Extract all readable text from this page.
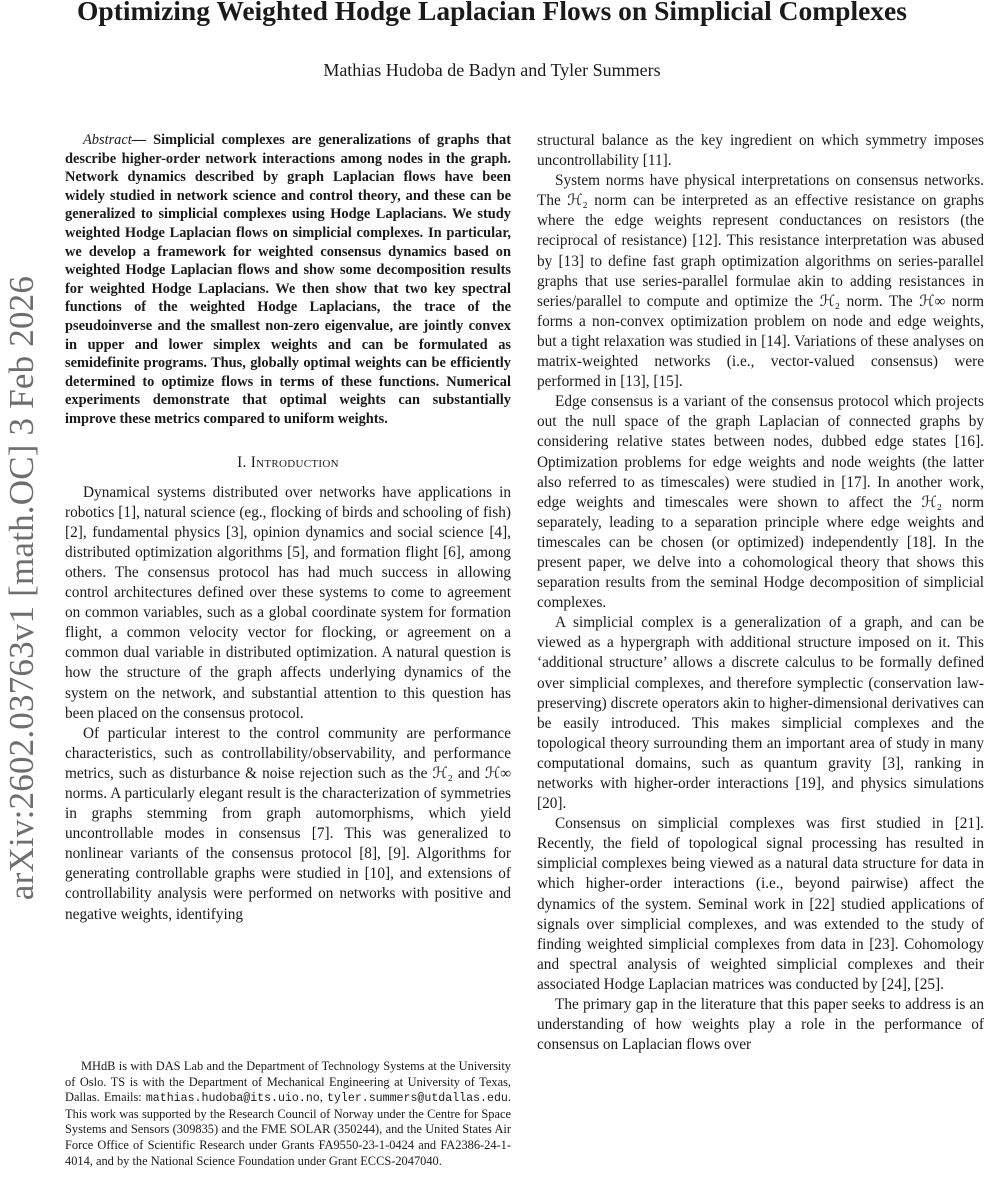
Optimizing Weighted Hodge Laplacian Flows on Simplicial Complexes
Mathias Hudoba de Badyn and Tyler Summers
arXiv:2602.03763v1 [math.OC] 3 Feb 2026

Abstract— Simplicial complexes are generalizations of graphs that describe higher-order network interactions among nodes in the graph. Network dynamics described by graph Laplacian flows have been widely studied in network science and control theory, and these can be generalized to simplicial complexes using Hodge Laplacians. We study weighted Hodge Laplacian flows on simplicial complexes. In particular, we develop a framework for weighted consensus dynamics based on weighted Hodge Laplacian flows and show some decomposition results for weighted Hodge Laplacians. We then show that two key spectral functions of the weighted Hodge Laplacians, the trace of the pseudoinverse and the smallest non-zero eigenvalue, are jointly convex in upper and lower simplex weights and can be formulated as semidefinite programs. Thus, globally optimal weights can be efficiently determined to optimize flows in terms of these functions. Numerical experiments demonstrate that optimal weights can substantially improve these metrics compared to uniform weights.

I. Introduction

Dynamical systems distributed over networks have applications in robotics [1], natural science (eg., flocking of birds and schooling of fish) [2], fundamental physics [3], opinion dynamics and social science [4], distributed optimization algorithms [5], and formation flight [6], among others. The consensus protocol has had much success in allowing control architectures defined over these systems to come to agreement on common variables, such as a global coordinate system for formation flight, a common velocity vector for flocking, or agreement on a common dual variable in distributed optimization. A natural question is how the structure of the graph affects underlying dynamics of the system on the network, and substantial attention to this question has been placed on the consensus protocol.

Of particular interest to the control community are performance characteristics, such as controllability/observability, and performance metrics, such as disturbance & noise rejection such as the ℋ₂ and ℋ∞ norms. A particularly elegant result is the characterization of symmetries in graphs stemming from graph automorphisms, which yield uncontrollable modes in consensus [7]. This was generalized to nonlinear variants of the consensus protocol [8], [9]. Algorithms for generating controllable graphs were studied in [10], and extensions of controllability analysis were performed on networks with positive and negative weights, identifying

structural balance as the key ingredient on which symmetry imposes uncontrollability [11].

System norms have physical interpretations on consensus networks. The ℋ₂ norm can be interpreted as an effective resistance on graphs where the edge weights represent conductances on resistors (the reciprocal of resistance) [12]. This resistance interpretation was abused by [13] to define fast graph optimization algorithms on series-parallel graphs that use series-parallel formulae akin to adding resistances in series/parallel to compute and optimize the ℋ₂ norm. The ℋ∞ norm forms a non-convex optimization problem on node and edge weights, but a tight relaxation was studied in [14]. Variations of these analyses on matrix-weighted networks (i.e., vector-valued consensus) were performed in [13], [15].

Edge consensus is a variant of the consensus protocol which projects out the null space of the graph Laplacian of connected graphs by considering relative states between nodes, dubbed edge states [16]. Optimization problems for edge weights and node weights (the latter also referred to as timescales) were studied in [17]. In another work, edge weights and timescales were shown to affect the ℋ₂ norm separately, leading to a separation principle where edge weights and timescales can be chosen (or optimized) independently [18]. In the present paper, we delve into a cohomological theory that shows this separation results from the seminal Hodge decomposition of simplicial complexes.

A simplicial complex is a generalization of a graph, and can be viewed as a hypergraph with additional structure imposed on it. This ‘additional structure’ allows a discrete calculus to be formally defined over simplicial complexes, and therefore symplectic (conservation law-preserving) discrete operators akin to higher-dimensional derivatives can be easily introduced. This makes simplicial complexes and the topological theory surrounding them an important area of study in many computational domains, such as quantum gravity [3], ranking in networks with higher-order interactions [19], and physics simulations [20].

Consensus on simplicial complexes was first studied in [21]. Recently, the field of topological signal processing has resulted in simplicial complexes being viewed as a natural data structure for data in which higher-order interactions (i.e., beyond pairwise) affect the dynamics of the system. Seminal work in [22] studied applications of signals over simplicial complexes, and was extended to the study of finding weighted simplicial complexes from data in [23]. Cohomology and spectral analysis of weighted simplicial complexes and their associated Hodge Laplacian matrices was conducted by [24], [25].

The primary gap in the literature that this paper seeks to address is an understanding of how weights play a role in the performance of consensus on Laplacian flows over

MHdB is with DAS Lab and the Department of Technology Systems at the University of Oslo. TS is with the Department of Mechanical Engineering at University of Texas, Dallas. Emails: mathias.hudoba@its.uio.no, tyler.summers@utdallas.edu. This work was supported by the Research Council of Norway under the Centre for Space Systems and Sensors (309835) and the FME SOLAR (350244), and the United States Air Force Office of Scientific Research under Grants FA9550-23-1-0424 and FA2386-24-1-4014, and by the National Science Foundation under Grant ECCS-2047040.
